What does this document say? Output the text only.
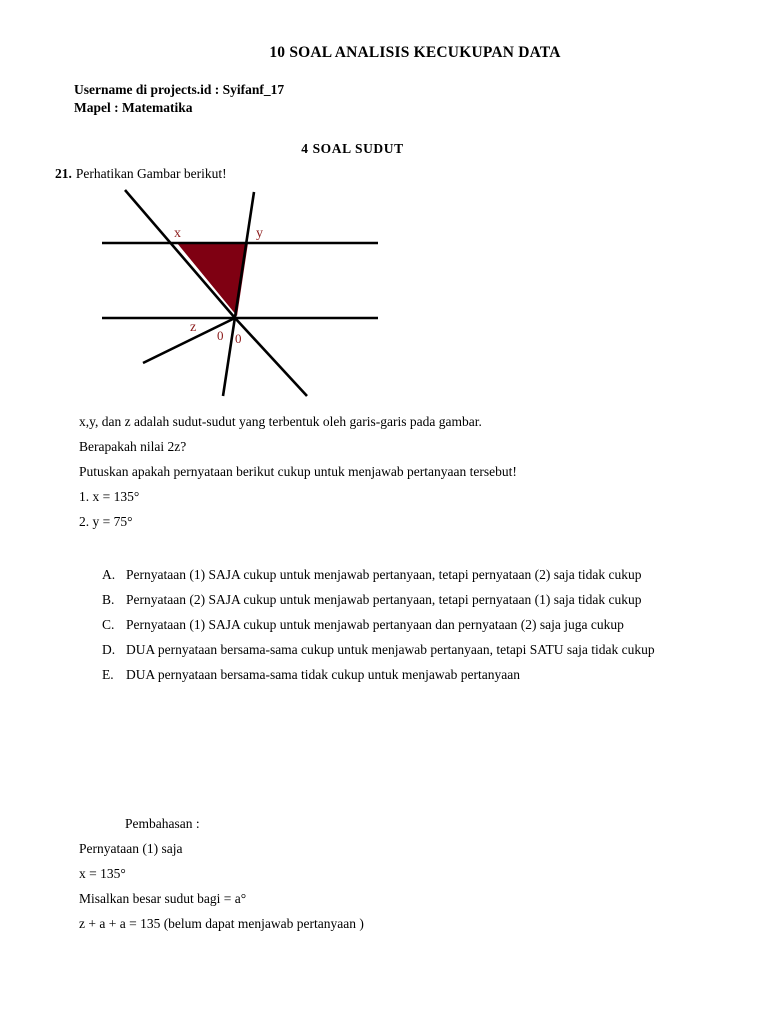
10 SOAL ANALISIS KECUKUPAN DATA
Username di projects.id : Syifanf_17
Mapel : Matematika
4 SOAL SUDUT
21. Perhatikan Gambar berikut!
x	y
z
0 0
x,y, dan z adalah sudut-sudut yang terbentuk oleh garis-garis pada gambar.
Berapakah nilai 2z?
Putuskan apakah pernyataan berikut cukup untuk menjawab pertanyaan tersebut!
1. x = 135°
2. y = 75°
A. Pernyataan (1) SAJA cukup untuk menjawab pertanyaan, tetapi pernyataan (2) saja tidak cukup
B. Pernyataan (2) SAJA cukup untuk menjawab pertanyaan, tetapi pernyataan (1) saja tidak cukup
C. Pernyataan (1) SAJA cukup untuk menjawab pertanyaan dan pernyataan (2) saja juga cukup
D. DUA pernyataan bersama-sama cukup untuk menjawab pertanyaan, tetapi SATU saja tidak cukup
E. DUA pernyataan bersama-sama tidak cukup untuk menjawab pertanyaan
Pembahasan :
Pernyataan (1) saja
x = 135°
Misalkan besar sudut bagi = a°
z + a + a = 135 (belum dapat menjawab pertanyaan )
